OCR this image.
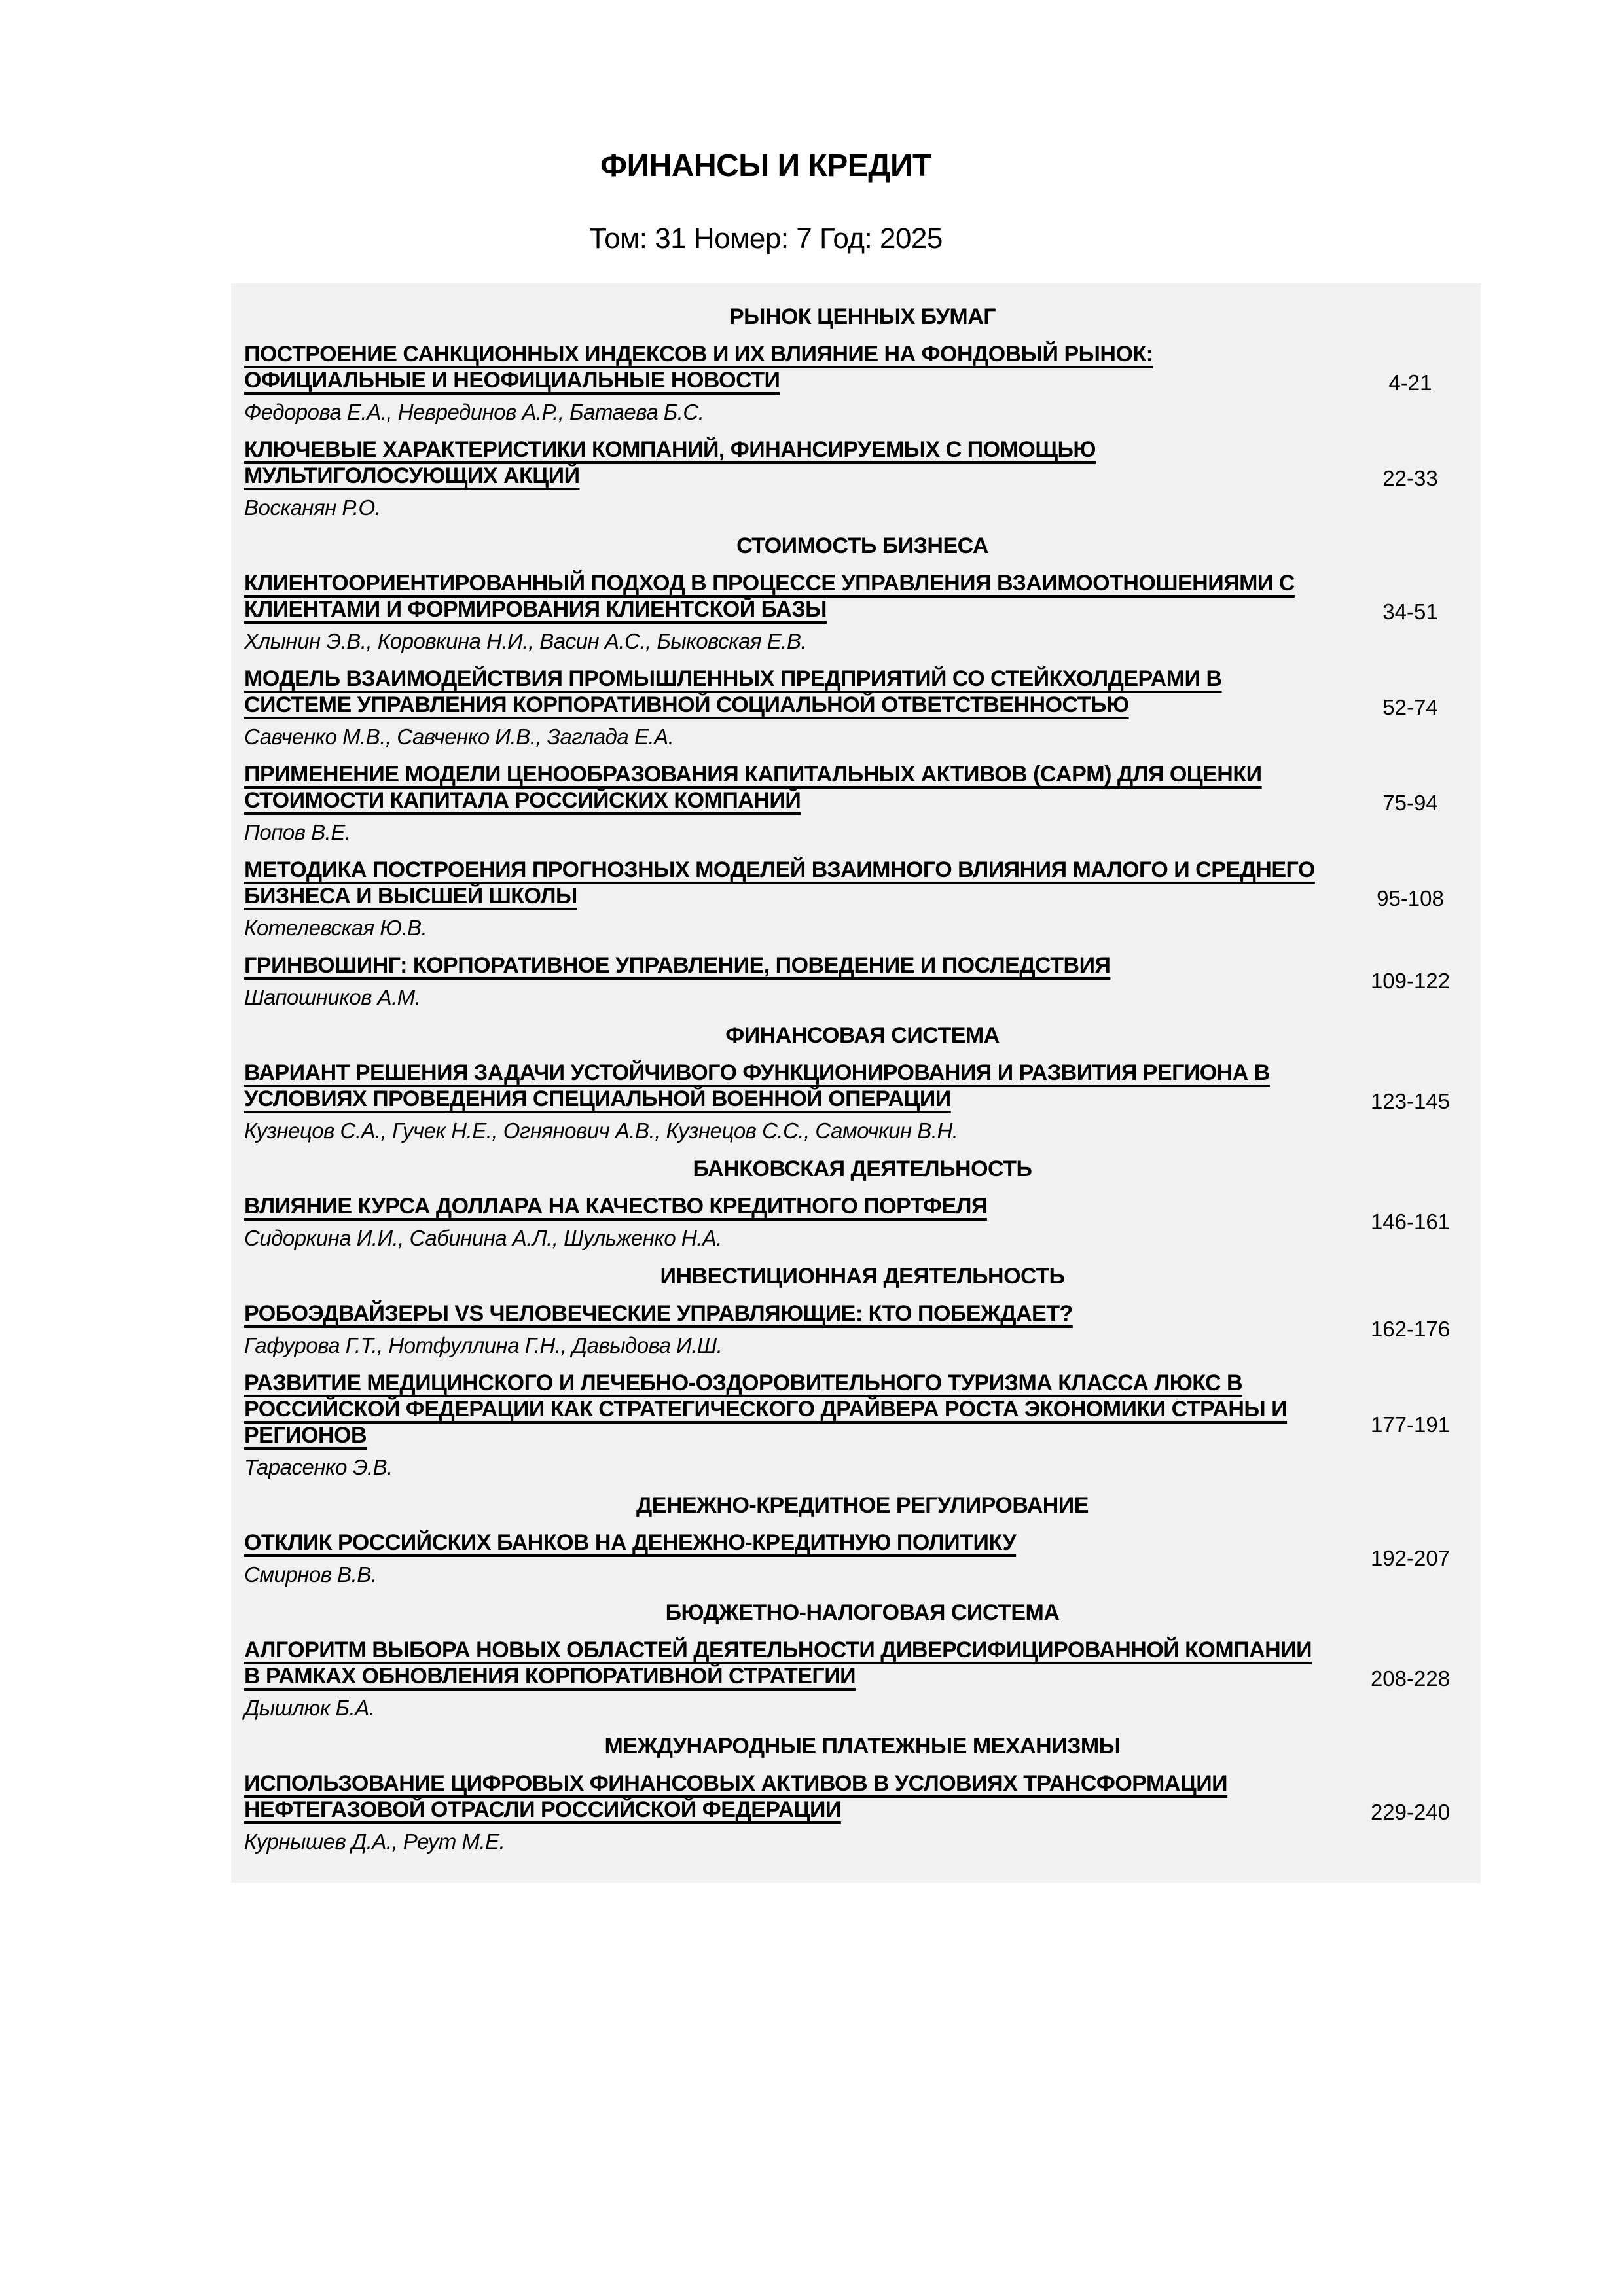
ФИНАНСЫ И КРЕДИТ
Том: 31 Номер: 7 Год: 2025
РЫНОК ЦЕННЫХ БУМАГ
ПОСТРОЕНИЕ САНКЦИОННЫХ ИНДЕКСОВ И ИХ ВЛИЯНИЕ НА ФОНДОВЫЙ РЫНОК: ОФИЦИАЛЬНЫЕ И НЕОФИЦИАЛЬНЫЕ НОВОСТИ
Федорова Е.А., Неврединов А.Р., Батаева Б.С.
4-21
КЛЮЧЕВЫЕ ХАРАКТЕРИСТИКИ КОМПАНИЙ, ФИНАНСИРУЕМЫХ С ПОМОЩЬЮ МУЛЬТИГОЛОСУЮЩИХ АКЦИЙ
Восканян Р.О.
22-33
СТОИМОСТЬ БИЗНЕСА
КЛИЕНТООРИЕНТИРОВАННЫЙ ПОДХОД В ПРОЦЕССЕ УПРАВЛЕНИЯ ВЗАИМООТНОШЕНИЯМИ С КЛИЕНТАМИ И ФОРМИРОВАНИЯ КЛИЕНТСКОЙ БАЗЫ
Хлынин Э.В., Коровкина Н.И., Васин А.С., Быковская Е.В.
34-51
МОДЕЛЬ ВЗАИМОДЕЙСТВИЯ ПРОМЫШЛЕННЫХ ПРЕДПРИЯТИЙ СО СТЕЙКХОЛДЕРАМИ В СИСТЕМЕ УПРАВЛЕНИЯ КОРПОРАТИВНОЙ СОЦИАЛЬНОЙ ОТВЕТСТВЕННОСТЬЮ
Савченко М.В., Савченко И.В., Заглада Е.А.
52-74
ПРИМЕНЕНИЕ МОДЕЛИ ЦЕНООБРАЗОВАНИЯ КАПИТАЛЬНЫХ АКТИВОВ (CAPM) ДЛЯ ОЦЕНКИ СТОИМОСТИ КАПИТАЛА РОССИЙСКИХ КОМПАНИЙ
Попов В.Е.
75-94
МЕТОДИКА ПОСТРОЕНИЯ ПРОГНОЗНЫХ МОДЕЛЕЙ ВЗАИМНОГО ВЛИЯНИЯ МАЛОГО И СРЕДНЕГО БИЗНЕСА И ВЫСШЕЙ ШКОЛЫ
Котелевская Ю.В.
95-108
ГРИНВОШИНГ: КОРПОРАТИВНОЕ УПРАВЛЕНИЕ, ПОВЕДЕНИЕ И ПОСЛЕДСТВИЯ
Шапошников А.М.
109-122
ФИНАНСОВАЯ СИСТЕМА
ВАРИАНТ РЕШЕНИЯ ЗАДАЧИ УСТОЙЧИВОГО ФУНКЦИОНИРОВАНИЯ И РАЗВИТИЯ РЕГИОНА В УСЛОВИЯХ ПРОВЕДЕНИЯ СПЕЦИАЛЬНОЙ ВОЕННОЙ ОПЕРАЦИИ
Кузнецов С.А., Гучек Н.Е., Огнянович А.В., Кузнецов С.С., Самочкин В.Н.
123-145
БАНКОВСКАЯ ДЕЯТЕЛЬНОСТЬ
ВЛИЯНИЕ КУРСА ДОЛЛАРА НА КАЧЕСТВО КРЕДИТНОГО ПОРТФЕЛЯ
Сидоркина И.И., Сабинина А.Л., Шульженко Н.А.
146-161
ИНВЕСТИЦИОННАЯ ДЕЯТЕЛЬНОСТЬ
РОБОЭДВАЙЗЕРЫ VS ЧЕЛОВЕЧЕСКИЕ УПРАВЛЯЮЩИЕ: КТО ПОБЕЖДАЕТ?
Гафурова Г.Т., Нотфуллина Г.Н., Давыдова И.Ш.
162-176
РАЗВИТИЕ МЕДИЦИНСКОГО И ЛЕЧЕБНО-ОЗДОРОВИТЕЛЬНОГО ТУРИЗМА КЛАССА ЛЮКС В РОССИЙСКОЙ ФЕДЕРАЦИИ КАК СТРАТЕГИЧЕСКОГО ДРАЙВЕРА РОСТА ЭКОНОМИКИ СТРАНЫ И РЕГИОНОВ
Тарасенко Э.В.
177-191
ДЕНЕЖНО-КРЕДИТНОЕ РЕГУЛИРОВАНИЕ
ОТКЛИК РОССИЙСКИХ БАНКОВ НА ДЕНЕЖНО-КРЕДИТНУЮ ПОЛИТИКУ
Смирнов В.В.
192-207
БЮДЖЕТНО-НАЛОГОВАЯ СИСТЕМА
АЛГОРИТМ ВЫБОРА НОВЫХ ОБЛАСТЕЙ ДЕЯТЕЛЬНОСТИ ДИВЕРСИФИЦИРОВАННОЙ КОМПАНИИ В РАМКАХ ОБНОВЛЕНИЯ КОРПОРАТИВНОЙ СТРАТЕГИИ
Дышлюк Б.А.
208-228
МЕЖДУНАРОДНЫЕ ПЛАТЕЖНЫЕ МЕХАНИЗМЫ
ИСПОЛЬЗОВАНИЕ ЦИФРОВЫХ ФИНАНСОВЫХ АКТИВОВ В УСЛОВИЯХ ТРАНСФОРМАЦИИ НЕФТЕГАЗОВОЙ ОТРАСЛИ РОССИЙСКОЙ ФЕДЕРАЦИИ
Курнышев Д.А., Реут М.Е.
229-240
